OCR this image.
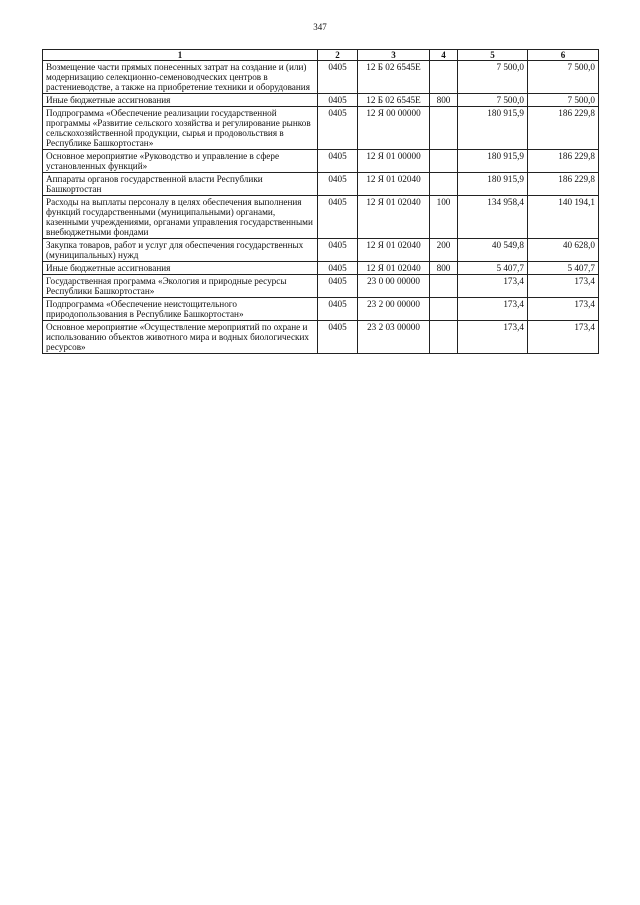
347
1	2	3	4	5	6
Возмещение части прямых понесенных затрат на создание и (или) модернизацию селекционно-семеноводческих центров в растениеводстве, а также на приобретение техники и оборудования	0405	12 Б 02 6545Е		7 500,0	7 500,0
Иные бюджетные ассигнования	0405	12 Б 02 6545Е	800	7 500,0	7 500,0
Подпрограмма «Обеспечение реализации государственной программы «Развитие сельского хозяйства и регулирование рынков сельскохозяйственной продукции, сырья и продовольствия в Республике Башкортостан»	0405	12 Я 00 00000		180 915,9	186 229,8
Основное мероприятие «Руководство и управление в сфере установленных функций»	0405	12 Я 01 00000		180 915,9	186 229,8
Аппараты органов государственной власти Республики Башкортостан	0405	12 Я 01 02040		180 915,9	186 229,8
Расходы на выплаты персоналу в целях обеспечения выполнения функций государственными (муниципальными) органами, казенными учреждениями, органами управления государственными внебюджетными фондами	0405	12 Я 01 02040	100	134 958,4	140 194,1
Закупка товаров, работ и услуг для обеспечения государственных (муниципальных) нужд	0405	12 Я 01 02040	200	40 549,8	40 628,0
Иные бюджетные ассигнования	0405	12 Я 01 02040	800	5 407,7	5 407,7
Государственная программа «Экология и природные ресурсы Республики Башкортостан»	0405	23 0 00 00000		173,4	173,4
Подпрограмма «Обеспечение неистощительного природопользования в Республике Башкортостан»	0405	23 2 00 00000		173,4	173,4
Основное мероприятие «Осуществление мероприятий по охране и использованию объектов животного мира и водных биологических ресурсов»	0405	23 2 03 00000		173,4	173,4
